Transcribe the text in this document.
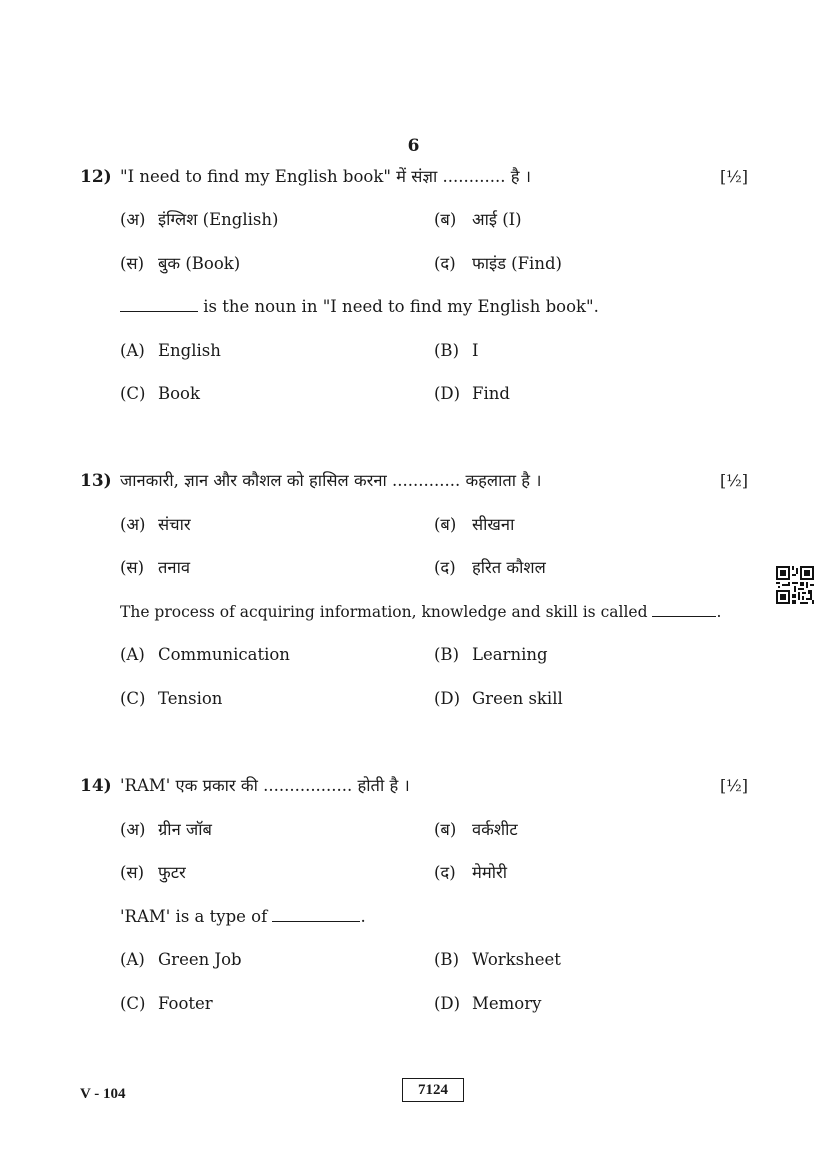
6
12) "I need to find my English book" में संज्ञा ............ है ।	[½]
(अ) इंग्लिश (English)	(ब) आई (I)
(स) बुक (Book)	(द) फाइंड (Find)
is the noun in "I need to find my English book".
(A) English	(B) I
(C) Book	(D) Find
13) जानकारी, ज्ञान और कौशल को हासिल करना ............. कहलाता है ।	[½]
(अ) संचार	(ब) सीखना
(स) तनाव	(द) हरित कौशल
The process of acquiring information, knowledge and skill is called	.
(A) Communication	(B) Learning
(C) Tension	(D) Green skill
14) 'RAM' एक प्रकार की ................. होती है ।	[½]
(अ) ग्रीन जॉब	(ब) वर्कशीट
(स) फुटर	(द) मेमोरी
'RAM' is a type of	.
(A) Green Job	(B) Worksheet
(C) Footer	(D) Memory
V - 104	7124
